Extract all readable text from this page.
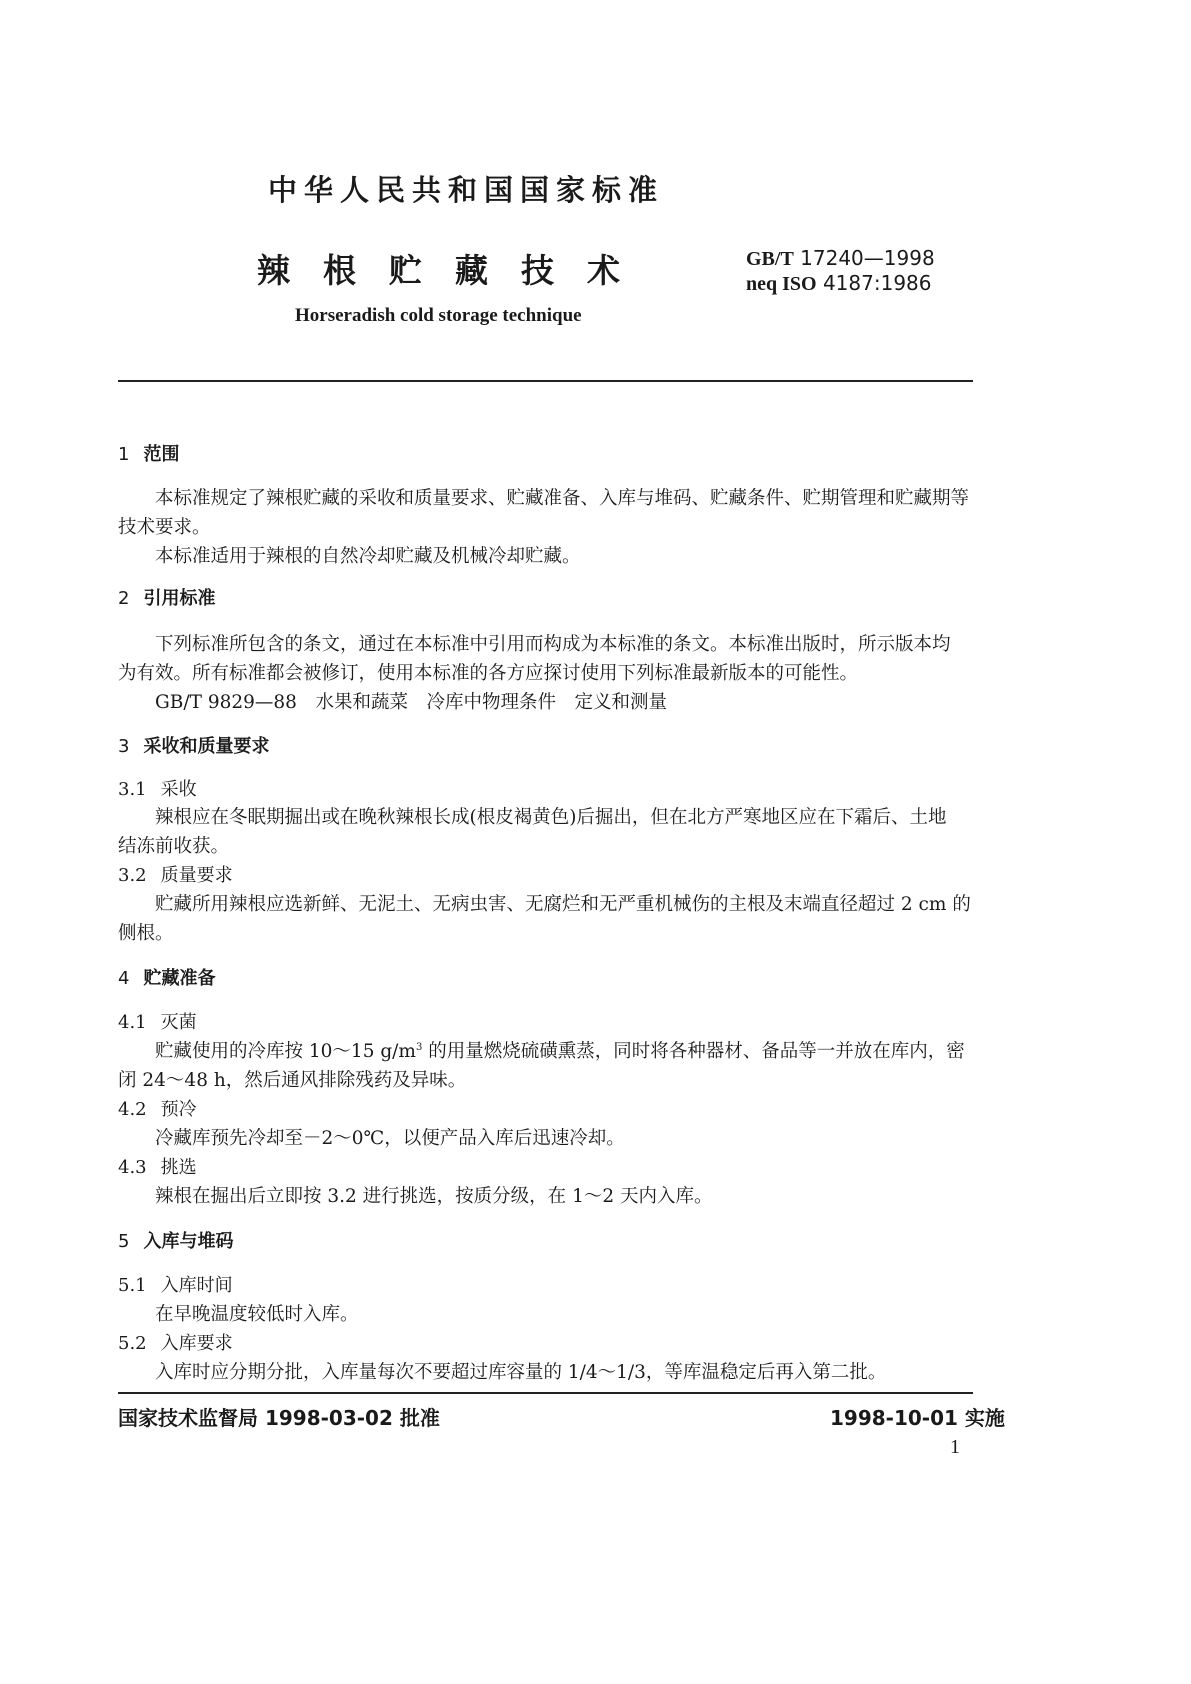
中华人民共和国国家标准
辣根贮藏技术	GB/T 17240—1998
neq ISO 4187:1986
Horseradish cold storage technique
1 范围
本标准规定了辣根贮藏的采收和质量要求、贮藏准备、入库与堆码、贮藏条件、贮期管理和贮藏期等
技术要求。
本标准适用于辣根的自然冷却贮藏及机械冷却贮藏。
2 引用标准
下列标准所包含的条文，通过在本标准中引用而构成为本标准的条文。本标准出版时，所示版本均
为有效。所有标准都会被修订，使用本标准的各方应探讨使用下列标准最新版本的可能性。
GB/T 9829—88　水果和蔬菜　冷库中物理条件　定义和测量
3 采收和质量要求
3.1 采收
辣根应在冬眠期掘出或在晚秋辣根长成(根皮褐黄色)后掘出，但在北方严寒地区应在下霜后、土地
结冻前收获。
3.2 质量要求
贮藏所用辣根应选新鲜、无泥土、无病虫害、无腐烂和无严重机械伤的主根及末端直径超过 2 cm 的
侧根。
4 贮藏准备
4.1 灭菌
贮藏使用的冷库按 10～15 $g/m^3$ 的用量燃烧硫磺熏蒸，同时将各种器材、备品等一并放在库内，密
闭 24～48 h，然后通风排除残药及异味。
4.2 预冷
冷藏库预先冷却至－2～0℃，以便产品入库后迅速冷却。
4.3 挑选
辣根在掘出后立即按 3.2 进行挑选，按质分级，在 1～2 天内入库。
5 入库与堆码
5.1 入库时间
在早晚温度较低时入库。
5.2 入库要求
入库时应分期分批，入库量每次不要超过库容量的 1/4～1/3，等库温稳定后再入第二批。
国家技术监督局 1998-03-02 批准	1998-10-01 实施
1
